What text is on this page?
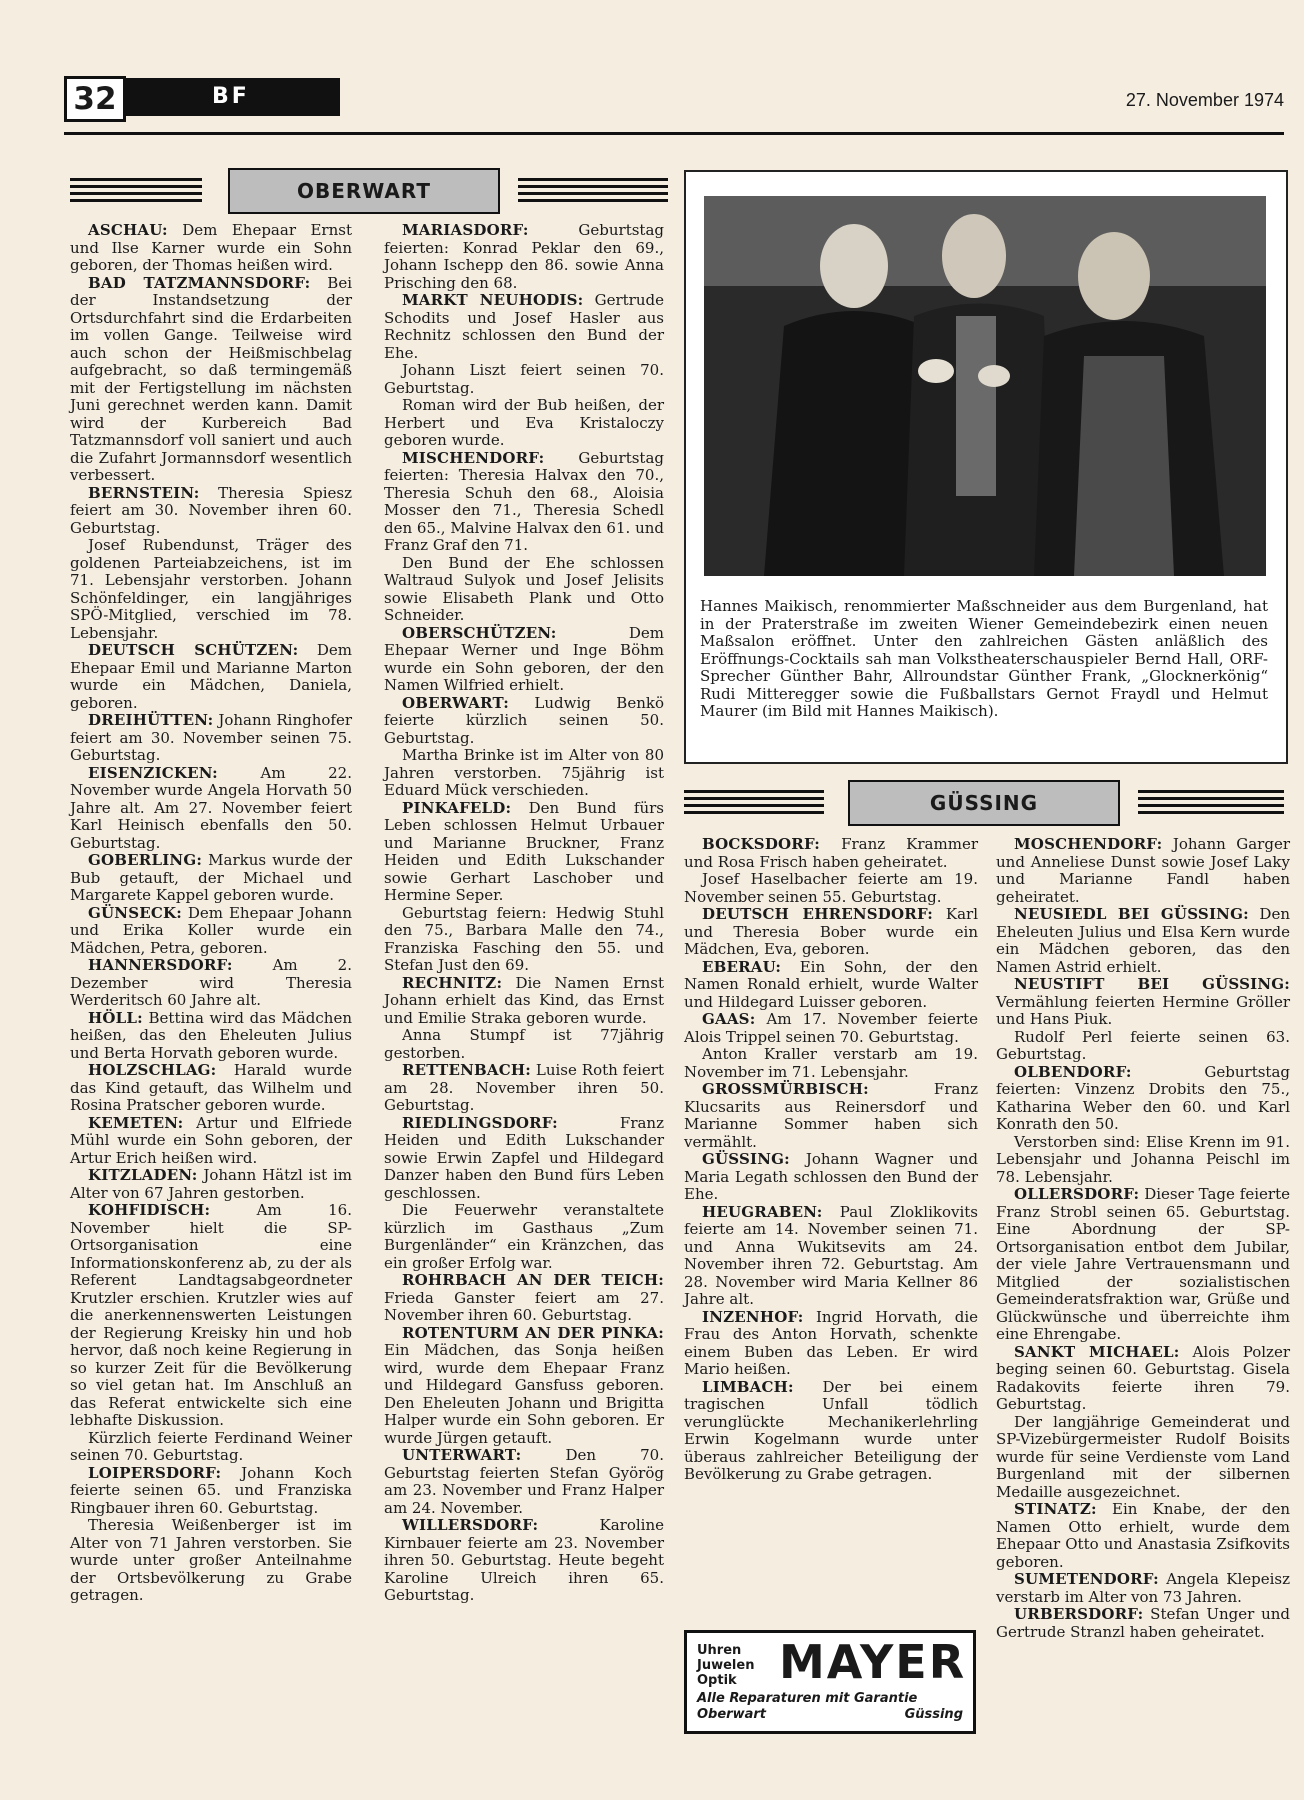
32	BF	27. November 1974
OBERWART

ASCHAU: Dem Ehepaar Ernst und Ilse Karner wurde ein Sohn geboren, der Thomas heißen wird.

BAD TATZMANNSDORF: Bei der Instandsetzung der Ortsdurchfahrt sind die Erdarbeiten im vollen Gange. Teilweise wird auch schon der Heißmischbelag aufgebracht, so daß termingemäß mit der Fertigstellung im nächsten Juni gerechnet werden kann. Damit wird der Kurbereich Bad Tatzmannsdorf voll saniert und auch die Zufahrt Jormannsdorf wesentlich verbessert.

BERNSTEIN: Theresia Spiesz feiert am 30. November ihren 60. Geburtstag.

Josef Rubendunst, Träger des goldenen Parteiabzeichens, ist im 71. Lebensjahr verstorben. Johann Schönfeldinger, ein langjähriges SPÖ-Mitglied, verschied im 78. Lebensjahr.

DEUTSCH SCHÜTZEN: Dem Ehepaar Emil und Marianne Marton wurde ein Mädchen, Daniela, geboren.

DREIHÜTTEN: Johann Ringhofer feiert am 30. November seinen 75. Geburtstag.

EISENZICKEN: Am 22. November wurde Angela Horvath 50 Jahre alt. Am 27. November feiert Karl Heinisch ebenfalls den 50. Geburtstag.

GOBERLING: Markus wurde der Bub getauft, der Michael und Margarete Kappel geboren wurde.

GÜNSECK: Dem Ehepaar Johann und Erika Koller wurde ein Mädchen, Petra, geboren.

HANNERSDORF: Am 2. Dezember wird Theresia Werderitsch 60 Jahre alt.

HÖLL: Bettina wird das Mädchen heißen, das den Eheleuten Julius und Berta Horvath geboren wurde.

HOLZSCHLAG: Harald wurde das Kind getauft, das Wilhelm und Rosina Pratscher geboren wurde.

KEMETEN: Artur und Elfriede Mühl wurde ein Sohn geboren, der Artur Erich heißen wird.

KITZLADEN: Johann Hätzl ist im Alter von 67 Jahren gestorben.

KOHFIDISCH: Am 16. November hielt die SP-Ortsorganisation eine Informationskonferenz ab, zu der als Referent Landtagsabgeordneter Krutzler erschien. Krutzler wies auf die anerkennenswerten Leistungen der Regierung Kreisky hin und hob hervor, daß noch keine Regierung in so kurzer Zeit für die Bevölkerung so viel getan hat. Im Anschluß an das Referat entwickelte sich eine lebhafte Diskussion.

Kürzlich feierte Ferdinand Weiner seinen 70. Geburtstag.

LOIPERSDORF: Johann Koch feierte seinen 65. und Franziska Ringbauer ihren 60. Geburtstag.

Theresia Weißenberger ist im Alter von 71 Jahren verstorben. Sie wurde unter großer Anteilnahme der Ortsbevölkerung zu Grabe getragen.

MARIASDORF: Geburtstag feierten: Konrad Peklar den 69., Johann Ischepp den 86. sowie Anna Prisching den 68.

MARKT NEUHODIS: Gertrude Schodits und Josef Hasler aus Rechnitz schlossen den Bund der Ehe.

Johann Liszt feiert seinen 70. Geburtstag.

Roman wird der Bub heißen, der Herbert und Eva Kristaloczy geboren wurde.

MISCHENDORF: Geburtstag feierten: Theresia Halvax den 70., Theresia Schuh den 68., Aloisia Mosser den 71., Theresia Schedl den 65., Malvine Halvax den 61. und Franz Graf den 71.

Den Bund der Ehe schlossen Waltraud Sulyok und Josef Jelisits sowie Elisabeth Plank und Otto Schneider.

OBERSCHÜTZEN: Dem Ehepaar Werner und Inge Böhm wurde ein Sohn geboren, der den Namen Wilfried erhielt.

OBERWART: Ludwig Benkö feierte kürzlich seinen 50. Geburtstag.

Martha Brinke ist im Alter von 80 Jahren verstorben. 75jährig ist Eduard Mück verschieden.

PINKAFELD: Den Bund fürs Leben schlossen Helmut Urbauer und Marianne Bruckner, Franz Heiden und Edith Lukschander sowie Gerhart Laschober und Hermine Seper.

Geburtstag feiern: Hedwig Stuhl den 75., Barbara Malle den 74., Franziska Fasching den 55. und Stefan Just den 69.

RECHNITZ: Die Namen Ernst Johann erhielt das Kind, das Ernst und Emilie Straka geboren wurde.

Anna Stumpf ist 77jährig gestorben.

RETTENBACH: Luise Roth feiert am 28. November ihren 50. Geburtstag.

RIEDLINGSDORF: Franz Heiden und Edith Lukschander sowie Erwin Zapfel und Hildegard Danzer haben den Bund fürs Leben geschlossen.

Die Feuerwehr veranstaltete kürzlich im Gasthaus „Zum Burgenländer“ ein Kränzchen, das ein großer Erfolg war.

ROHRBACH AN DER TEICH: Frieda Ganster feiert am 27. November ihren 60. Geburtstag.

ROTENTURM AN DER PINKA: Ein Mädchen, das Sonja heißen wird, wurde dem Ehepaar Franz und Hildegard Gansfuss geboren. Den Eheleuten Johann und Brigitta Halper wurde ein Sohn geboren. Er wurde Jürgen getauft.

UNTERWART: Den 70. Geburtstag feierten Stefan Györög am 23. November und Franz Halper am 24. November.

WILLERSDORF: Karoline Kirnbauer feierte am 23. November ihren 50. Geburtstag. Heute begeht Karoline Ulreich ihren 65. Geburtstag.

Hannes Maikisch, renommierter Maßschneider aus dem Burgenland, hat in der Praterstraße im zweiten Wiener Gemeindebezirk einen neuen Maßsalon eröffnet. Unter den zahlreichen Gästen anläßlich des Eröffnungs-Cocktails sah man Volkstheaterschauspieler Bernd Hall, ORF-Sprecher Günther Bahr, Allroundstar Günther Frank, „Glocknerkönig“ Rudi Mitteregger sowie die Fußballstars Gernot Fraydl und Helmut Maurer (im Bild mit Hannes Maikisch).
GÜSSING

BOCKSDORF: Franz Krammer und Rosa Frisch haben geheiratet.

Josef Haselbacher feierte am 19. November seinen 55. Geburtstag.

DEUTSCH EHRENSDORF: Karl und Theresia Bober wurde ein Mädchen, Eva, geboren.

EBERAU: Ein Sohn, der den Namen Ronald erhielt, wurde Walter und Hildegard Luisser geboren.

GAAS: Am 17. November feierte Alois Trippel seinen 70. Geburtstag.

Anton Kraller verstarb am 19. November im 71. Lebensjahr.

GROSSMÜRBISCH: Franz Klucsarits aus Reinersdorf und Marianne Sommer haben sich vermählt.

GÜSSING: Johann Wagner und Maria Legath schlossen den Bund der Ehe.

HEUGRABEN: Paul Zloklikovits feierte am 14. November seinen 71. und Anna Wukitsevits am 24. November ihren 72. Geburtstag. Am 28. November wird Maria Kellner 86 Jahre alt.

INZENHOF: Ingrid Horvath, die Frau des Anton Horvath, schenkte einem Buben das Leben. Er wird Mario heißen.

LIMBACH: Der bei einem tragischen Unfall tödlich verunglückte Mechanikerlehrling Erwin Kogelmann wurde unter überaus zahlreicher Beteiligung der Bevölkerung zu Grabe getragen.

MOSCHENDORF: Johann Garger und Anneliese Dunst sowie Josef Laky und Marianne Fandl haben geheiratet.

NEUSIEDL BEI GÜSSING: Den Eheleuten Julius und Elsa Kern wurde ein Mädchen geboren, das den Namen Astrid erhielt.

NEUSTIFT BEI GÜSSING: Vermählung feierten Hermine Gröller und Hans Piuk.

Rudolf Perl feierte seinen 63. Geburtstag.

OLBENDORF: Geburtstag feierten: Vinzenz Drobits den 75., Katharina Weber den 60. und Karl Konrath den 50.

Verstorben sind: Elise Krenn im 91. Lebensjahr und Johanna Peischl im 78. Lebensjahr.

OLLERSDORF: Dieser Tage feierte Franz Strobl seinen 65. Geburtstag. Eine Abordnung der SP-Ortsorganisation entbot dem Jubilar, der viele Jahre Vertrauensmann und Mitglied der sozialistischen Gemeinderatsfraktion war, Grüße und Glückwünsche und überreichte ihm eine Ehrengabe.

SANKT MICHAEL: Alois Polzer beging seinen 60. Geburtstag. Gisela Radakovits feierte ihren 79. Geburtstag.

Der langjährige Gemeinderat und SP-Vizebürgermeister Rudolf Boisits wurde für seine Verdienste vom Land Burgenland mit der silbernen Medaille ausgezeichnet.

STINATZ: Ein Knabe, der den Namen Otto erhielt, wurde dem Ehepaar Otto und Anastasia Zsifkovits geboren.

SUMETENDORF: Angela Klepeisz verstarb im Alter von 73 Jahren.

URBERSDORF: Stefan Unger und Gertrude Stranzl haben geheiratet.

Uhren
Juwelen
Optik MAYER
Alle Reparaturen mit Garantie
Oberwart	Güssing
